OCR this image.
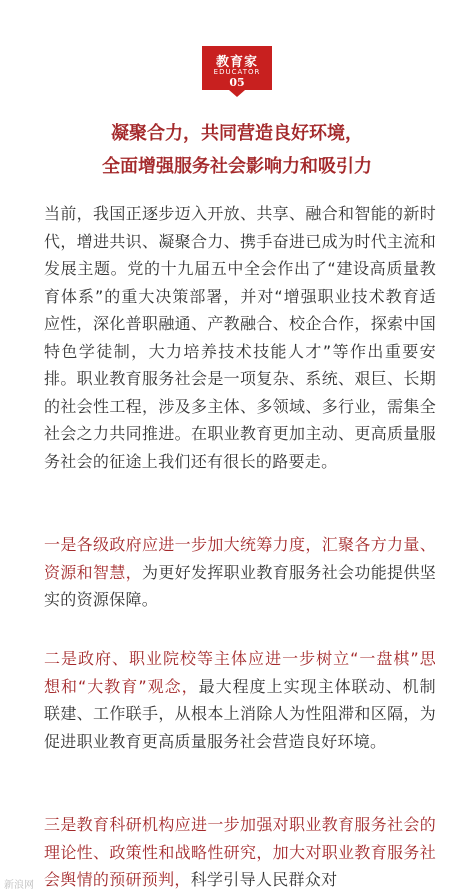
教育家
EDUCATOR
05
凝聚合力，共同营造良好环境，
全面增强服务社会影响力和吸引力

当前，我国正逐步迈入开放、共享、融合和智能的新时代，增进共识、凝聚合力、携手奋进已成为时代主流和发展主题。党的十九届五中全会作出了“建设高质量教育体系”的重大决策部署，并对“增强职业技术教育适应性，深化普职融通、产教融合、校企合作，探索中国特色学徒制，大力培养技术技能人才”等作出重要安排。职业教育服务社会是一项复杂、系统、艰巨、长期的社会性工程，涉及多主体、多领域、多行业，需集全社会之力共同推进。在职业教育更加主动、更高质量服务社会的征途上我们还有很长的路要走。

一是各级政府应进一步加大统筹力度，汇聚各方力量、资源和智慧，为更好发挥职业教育服务社会功能提供坚实的资源保障。

二是政府、职业院校等主体应进一步树立“一盘棋”思想和“大教育”观念，最大程度上实现主体联动、机制联建、工作联手，从根本上消除人为性阻滞和区隔，为促进职业教育更高质量服务社会营造良好环境。

三是教育科研机构应进一步加强对职业教育服务社会的理论性、政策性和战略性研究，加大对职业教育服务社会舆情的预研预判，科学引导人民群众对

新浪网
